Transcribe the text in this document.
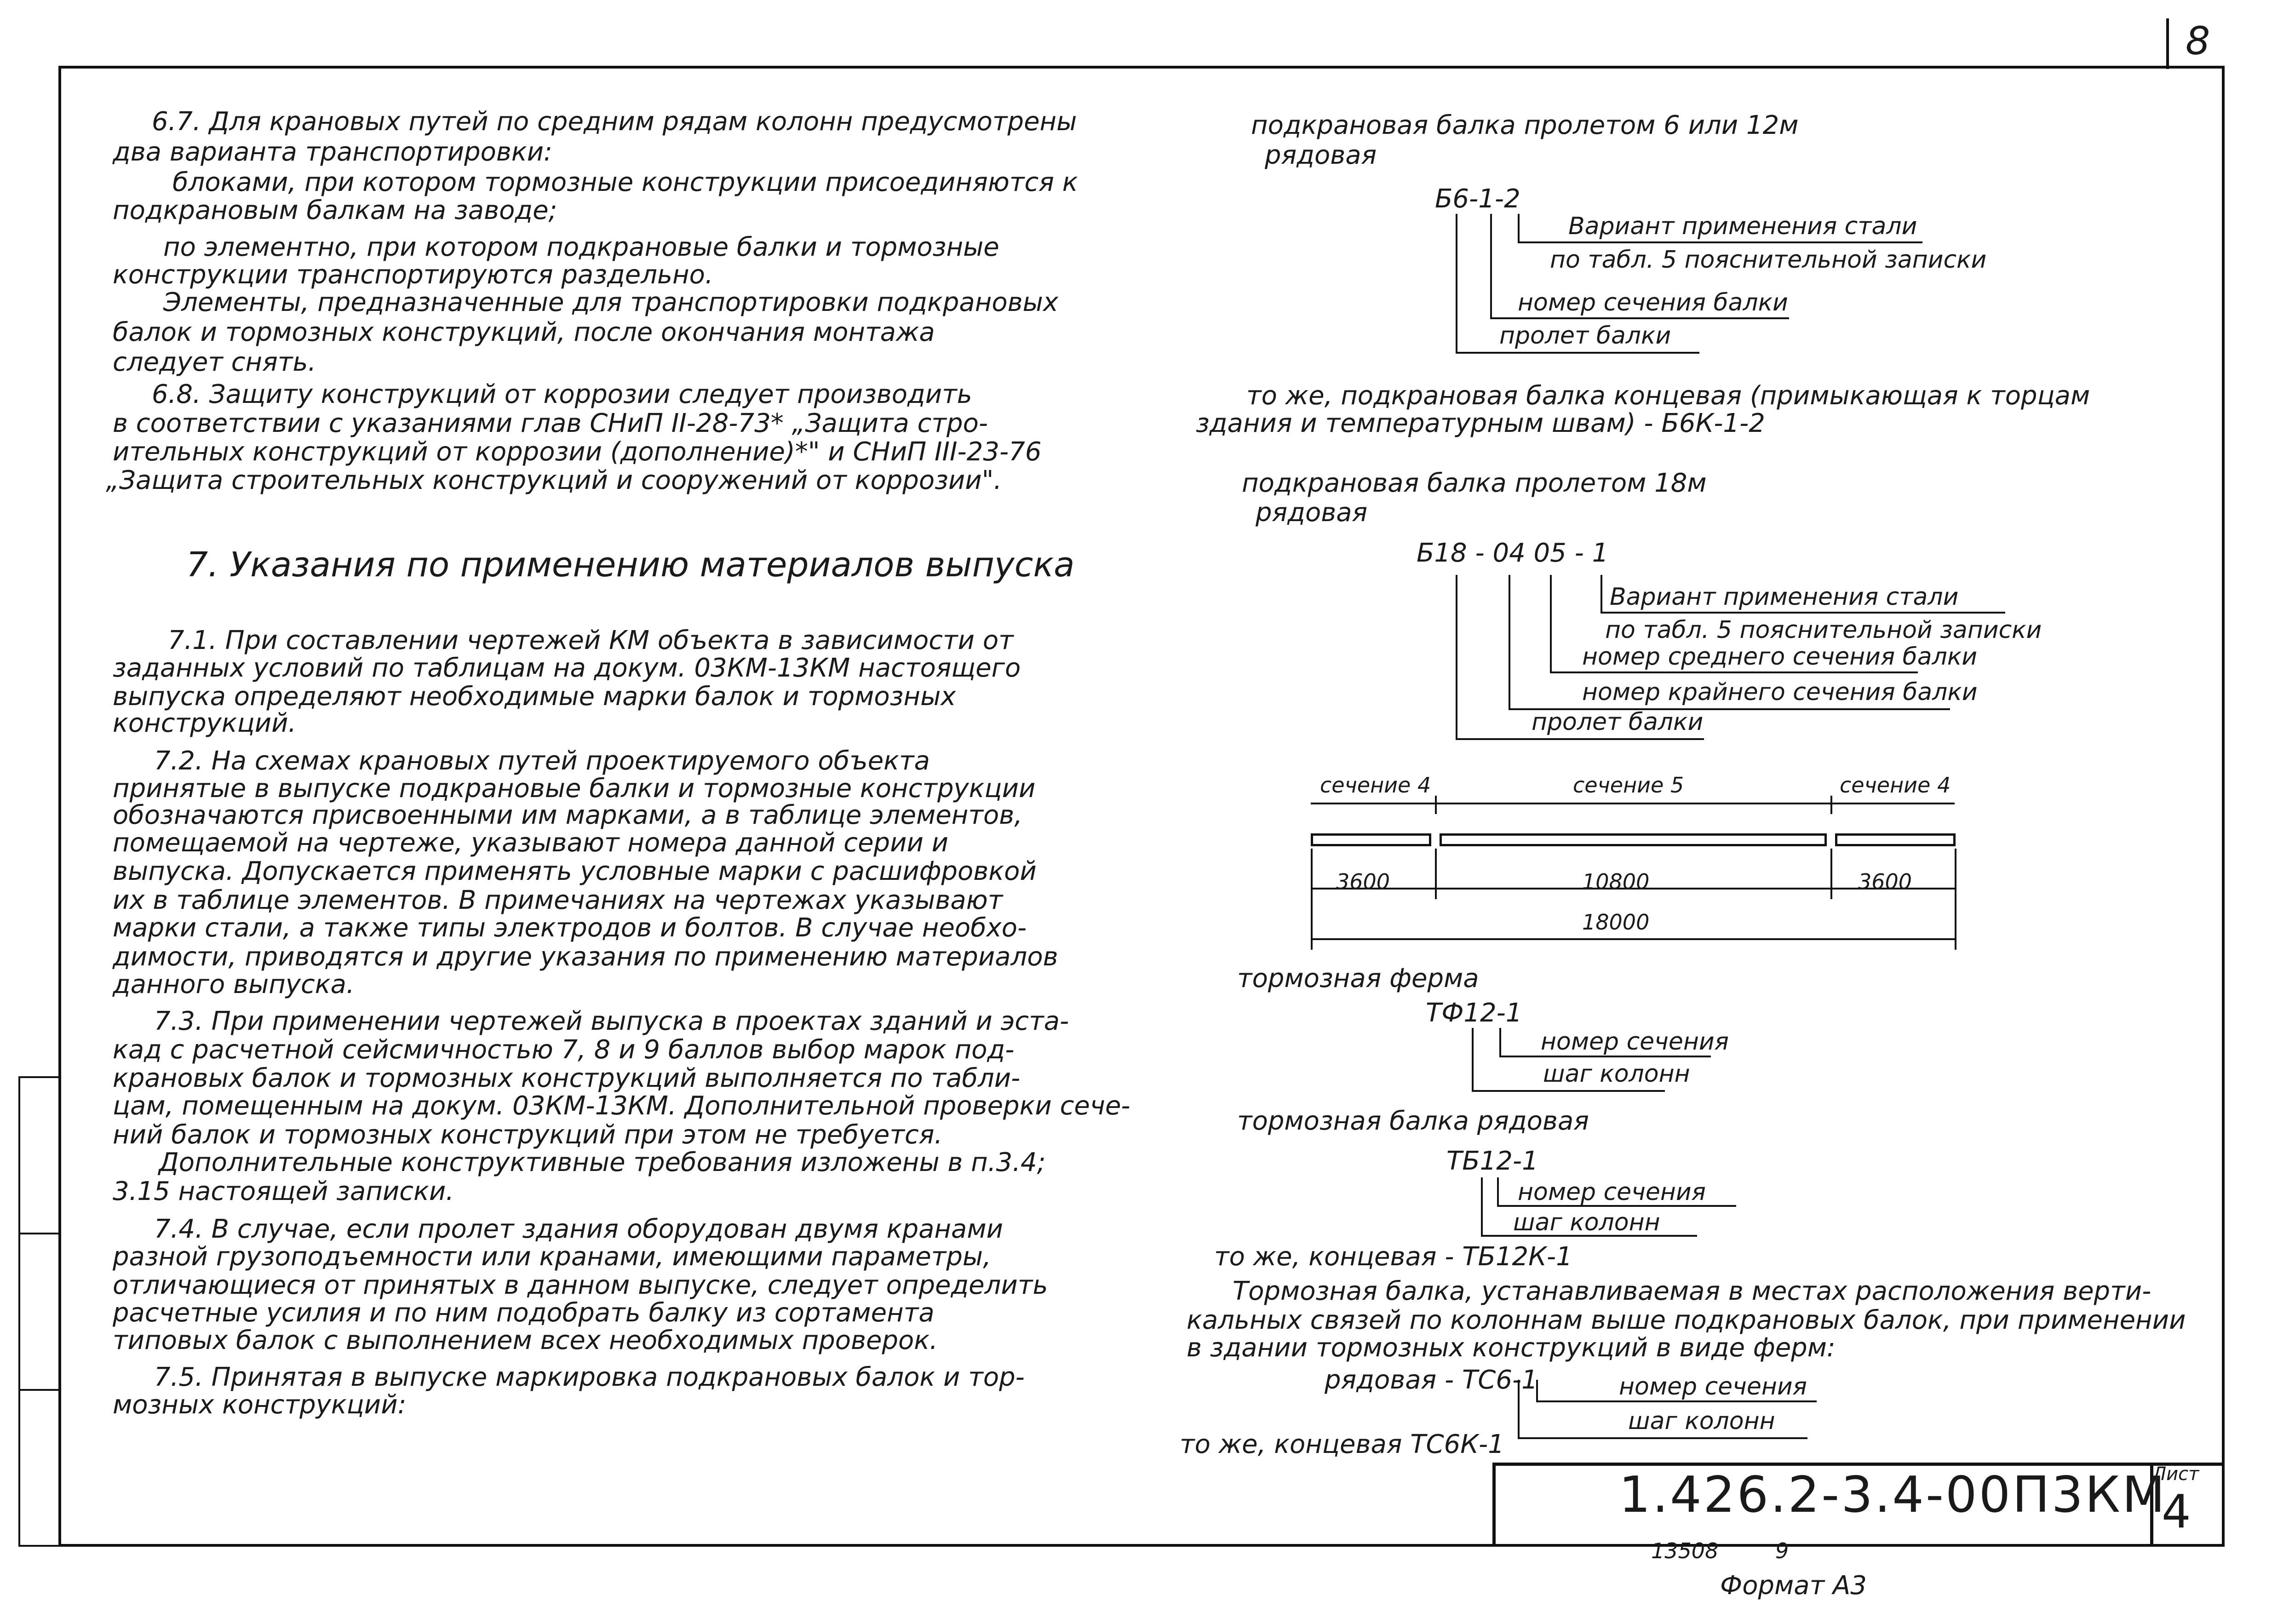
8
6.7. Для крановых путей по средним рядам колонн предусмотрены
два варианта транспортировки:
блоками, при котором тормозные конструкции присоединяются к
подкрановым балкам на заводе;
по элементно, при котором подкрановые балки и тормозные
конструкции транспортируются раздельно.
Элементы, предназначенные для транспортировки подкрановых
балок и тормозных конструкций, после окончания монтажа
следует снять.
6.8. Защиту конструкций от коррозии следует производить
в соответствии с указаниями глав СНиП II-28-73* „Защита стро-
ительных конструкций от коррозии (дополнение)*" и СНиП III-23-76
„Защита строительных конструкций и сооружений от коррозии".
7. Указания по применению материалов выпуска
7.1. При составлении чертежей КМ объекта в зависимости от
заданных условий по таблицам на докум. 03КМ-13КМ настоящего
выпуска определяют необходимые марки балок и тормозных
конструкций.
7.2. На схемах крановых путей проектируемого объекта
принятые в выпуске подкрановые балки и тормозные конструкции
обозначаются присвоенными им марками, а в таблице элементов,
помещаемой на чертеже, указывают номера данной серии и
выпуска. Допускается применять условные марки с расшифровкой
их в таблице элементов. В примечаниях на чертежах указывают
марки стали, а также типы электродов и болтов. В случае необхо-
димости, приводятся и другие указания по применению материалов
данного выпуска.
7.3. При применении чертежей выпуска в проектах зданий и эста-
кад с расчетной сейсмичностью 7, 8 и 9 баллов выбор марок под-
крановых балок и тормозных конструкций выполняется по табли-
цам, помещенным на докум. 03КМ-13КМ. Дополнительной проверки сече-
ний балок и тормозных конструкций при этом не требуется.
Дополнительные конструктивные требования изложены в п.3.4;
3.15 настоящей записки.
7.4. В случае, если пролет здания оборудован двумя кранами
разной грузоподъемности или кранами, имеющими параметры,
отличающиеся от принятых в данном выпуске, следует определить
расчетные усилия и по ним подобрать балку из сортамента
типовых балок с выполнением всех необходимых проверок.
7.5. Принятая в выпуске маркировка подкрановых балок и тор-
мозных конструкций:
подкрановая балка пролетом 6 или 12м
рядовая
Б6-1-2
Вариант применения стали
по табл. 5 пояснительной записки
номер сечения балки
пролет балки
то же, подкрановая балка концевая (примыкающая к торцам
здания и температурным швам) - Б6К-1-2
подкрановая балка пролетом 18м
рядовая
Б18 - 04 05 - 1
Вариант применения стали
по табл. 5 пояснительной записки
номер среднего сечения балки
номер крайнего сечения балки
пролет балки
сечение 4	сечение 5	сечение 4
3600	10800	3600
18000
тормозная ферма
ТФ12-1
номер сечения
шаг колонн
тормозная балка рядовая
ТБ12-1
номер сечения
шаг колонн
то же, концевая - ТБ12К-1
Тормозная балка, устанавливаемая в местах расположения верти-
кальных связей по колоннам выше подкрановых балок, при применении
в здании тормозных конструкций в виде ферм:
рядовая - ТС6-1	номер сечения
шаг колонн
то же, концевая ТС6К-1
1.426.2-3.4-00П3КМ
Лист
4
13508	9
Формат А3
